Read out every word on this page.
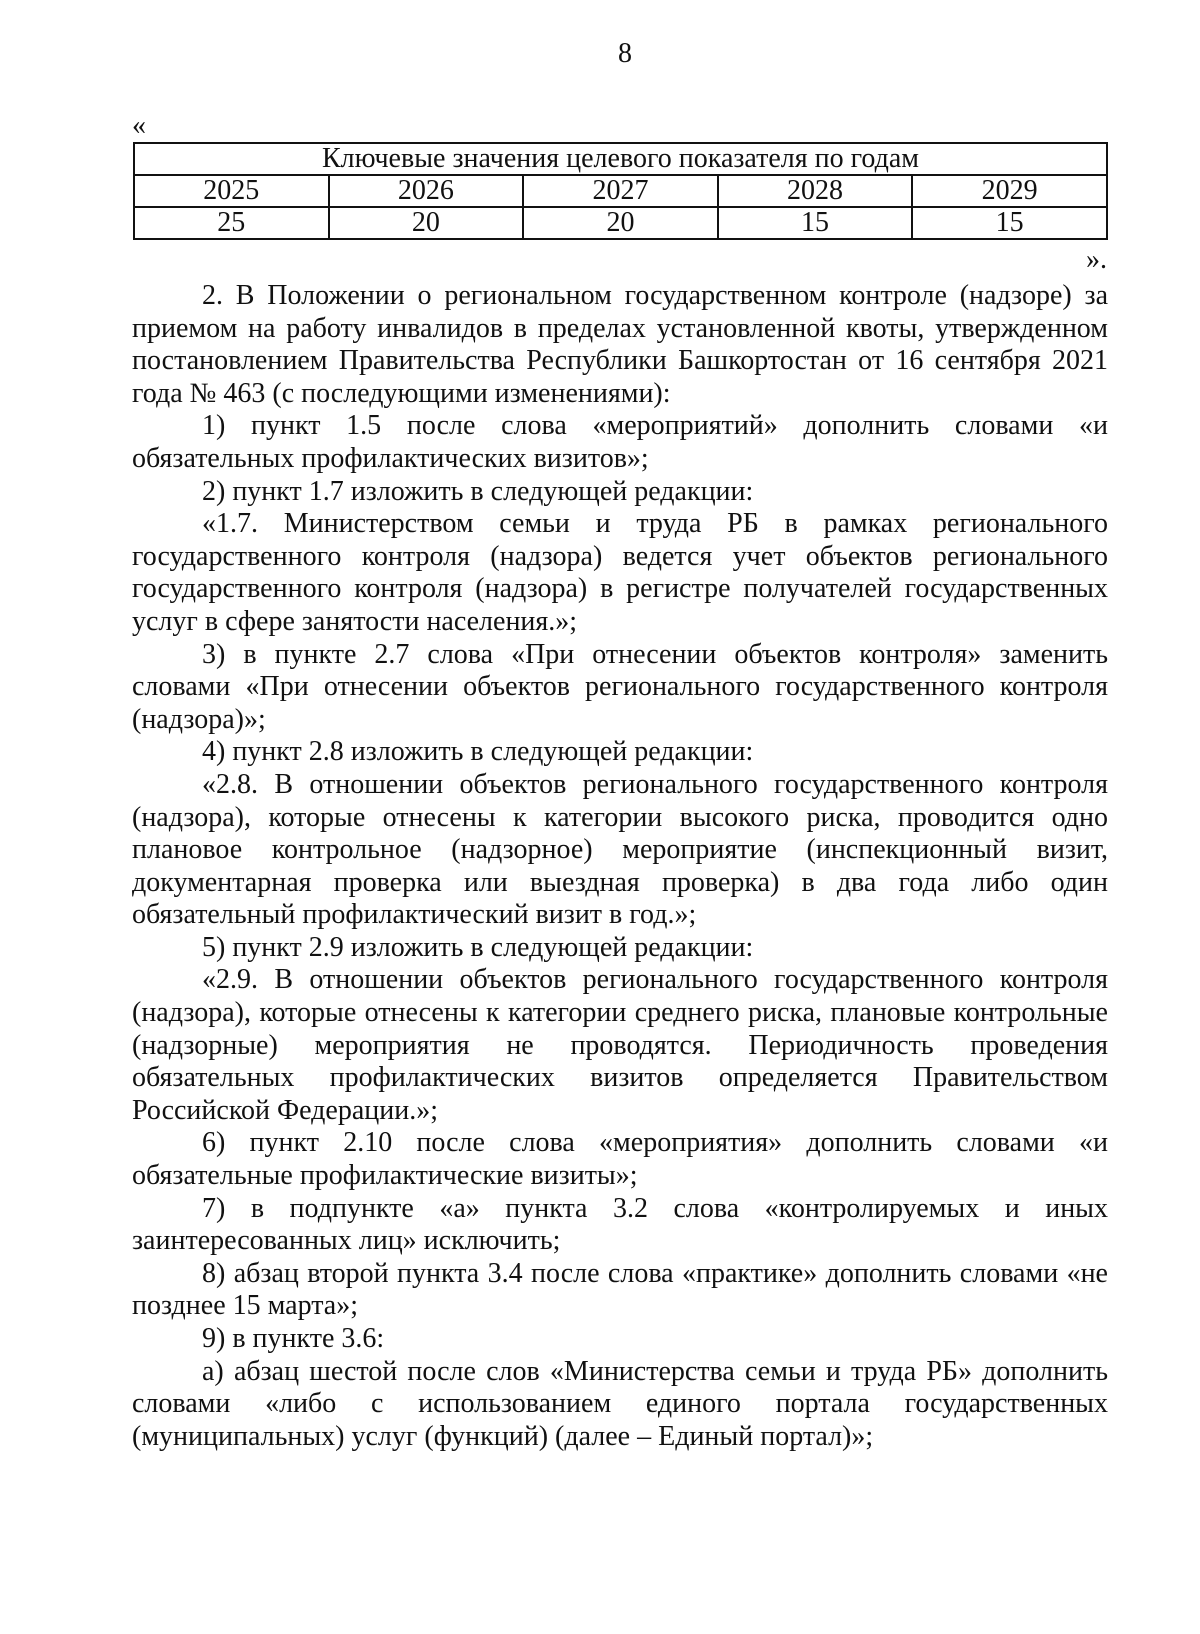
8
«
Ключевые значения целевого показателя по годам				
2025	2026	2027	2028	2029
25	20	20	15	15
».

2. В Положении о региональном государственном контроле (надзоре) за приемом на работу инвалидов в пределах установленной квоты, утвержденном постановлением Правительства Республики Башкортостан от 16 сентября 2021 года № 463 (с последующими изменениями):

1) пункт 1.5 после слова «мероприятий» дополнить словами «и обязательных профилактических визитов»;

2) пункт 1.7 изложить в следующей редакции:

«1.7. Министерством семьи и труда РБ в рамках регионального государственного контроля (надзора) ведется учет объектов регионального государственного контроля (надзора) в регистре получателей государственных услуг в сфере занятости населения.»;

3) в пункте 2.7 слова «При отнесении объектов контроля» заменить словами «При отнесении объектов регионального государственного контроля (надзора)»;

4) пункт 2.8 изложить в следующей редакции:

«2.8. В отношении объектов регионального государственного контроля (надзора), которые отнесены к категории высокого риска, проводится одно плановое контрольное (надзорное) мероприятие (инспекционный визит, документарная проверка или выездная проверка) в два года либо один обязательный профилактический визит в год.»;

5) пункт 2.9 изложить в следующей редакции:

«2.9. В отношении объектов регионального государственного контроля (надзора), которые отнесены к категории среднего риска, плановые контрольные (надзорные) мероприятия не проводятся. Периодичность проведения обязательных профилактических визитов определяется Правительством Российской Федерации.»;

6) пункт 2.10 после слова «мероприятия» дополнить словами «и обязательные профилактические визиты»;

7) в подпункте «а» пункта 3.2 слова «контролируемых и иных заинтересованных лиц» исключить;

8) абзац второй пункта 3.4 после слова «практике» дополнить словами «не позднее 15 марта»;

9) в пункте 3.6:

а) абзац шестой после слов «Министерства семьи и труда РБ» дополнить словами «либо с использованием единого портала государственных (муниципальных) услуг (функций) (далее – Единый портал)»;
